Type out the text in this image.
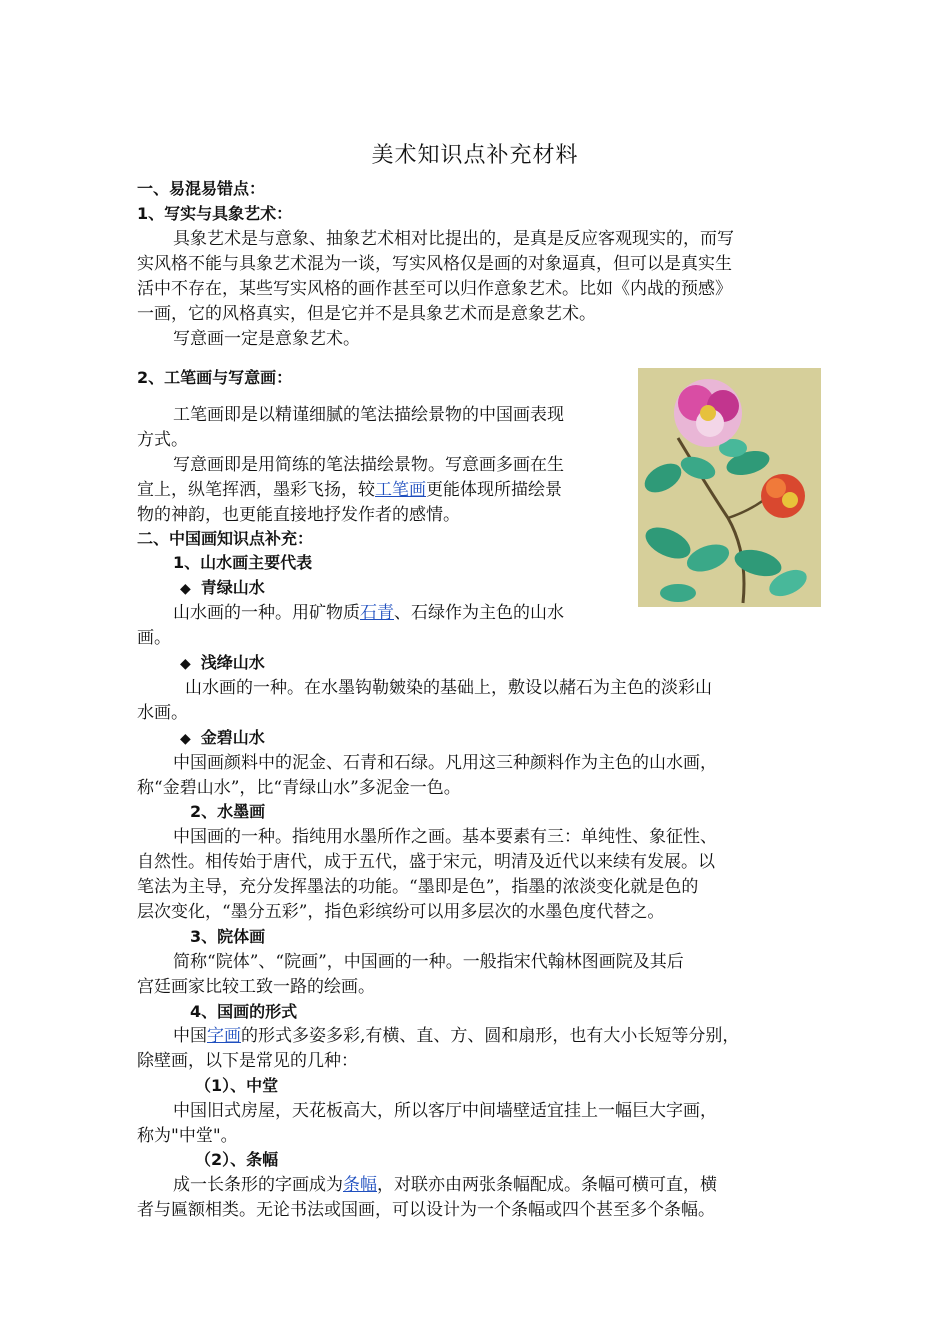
美术知识点补充材料
一、易混易错点：
1、写实与具象艺术：
具象艺术是与意象、抽象艺术相对比提出的，是真是反应客观现实的，而写
实风格不能与具象艺术混为一谈，写实风格仅是画的对象逼真，但可以是真实生
活中不存在，某些写实风格的画作甚至可以归作意象艺术。比如《内战的预感》
一画，它的风格真实，但是它并不是具象艺术而是意象艺术。
写意画一定是意象艺术。
2、工笔画与写意画：
工笔画即是以精谨细腻的笔法描绘景物的中国画表现
方式。
写意画即是用简练的笔法描绘景物。写意画多画在生
宣上，纵笔挥洒，墨彩飞扬，较工笔画更能体现所描绘景
物的神韵，也更能直接地抒发作者的感情。
二、中国画知识点补充：
1、山水画主要代表
◆ 青绿山水
山水画的一种。用矿物质石青、石绿作为主色的山水
画。
◆ 浅绛山水
山水画的一种。在水墨钩勒皴染的基础上，敷设以赭石为主色的淡彩山
水画。
◆ 金碧山水
中国画颜料中的泥金、石青和石绿。凡用这三种颜料作为主色的山水画，
称“金碧山水”，比“青绿山水”多泥金一色。
2、水墨画
中国画的一种。指纯用水墨所作之画。基本要素有三：单纯性、象征性、
自然性。相传始于唐代，成于五代，盛于宋元，明清及近代以来续有发展。以
笔法为主导，充分发挥墨法的功能。“墨即是色”，指墨的浓淡变化就是色的
层次变化，“墨分五彩”，指色彩缤纷可以用多层次的水墨色度代替之。
3、院体画
简称“院体”、“院画”，中国画的一种。一般指宋代翰林图画院及其后
宫廷画家比较工致一路的绘画。
4、国画的形式
中国字画的形式多姿多彩,有横、直、方、圆和扇形，也有大小长短等分别，
除壁画，以下是常见的几种：
（1）、中堂
中国旧式房屋，天花板高大，所以客厅中间墙壁适宜挂上一幅巨大字画，
称为"中堂"。
（2）、条幅
成一长条形的字画成为条幅，对联亦由两张条幅配成。条幅可横可直，横
者与匾额相类。无论书法或国画，可以设计为一个条幅或四个甚至多个条幅。
